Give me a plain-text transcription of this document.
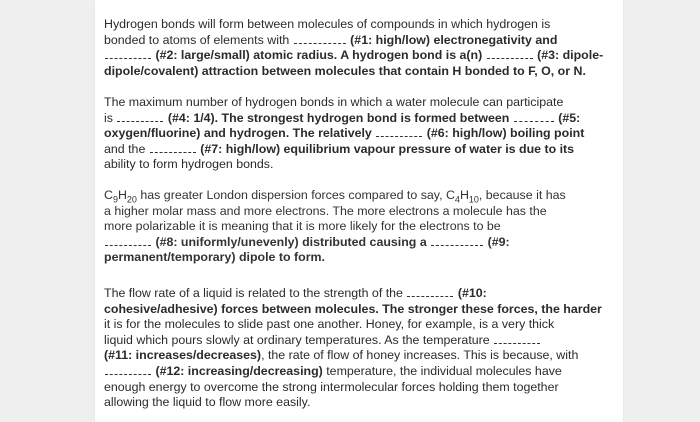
Hydrogen bonds will form between molecules of compounds in which hydrogen is
bonded to atoms of elements with	(#1: high/low) electronegativity and
(#2: large/small) atomic radius. A hydrogen bond is a(n)	(#3: dipole-
dipole/covalent) attraction between molecules that contain H bonded to F, O, or N.
The maximum number of hydrogen bonds in which a water molecule can participate
is	(#4: 1/4). The strongest hydrogen bond is formed between	(#5:
oxygen/fluorine) and hydrogen. The relatively	(#6: high/low) boiling point
and the	(#7: high/low) equilibrium vapour pressure of water is due to its
ability to form hydrogen bonds.
$C_9H_{20}$ has greater London dispersion forces compared to say, $C_4H_{10}$, because it has
a higher molar mass and more electrons. The more electrons a molecule has the
more polarizable it is meaning that it is more likely for the electrons to be
(#8: uniformly/unevenly) distributed causing a	(#9:
permanent/temporary) dipole to form.
The flow rate of a liquid is related to the strength of the	(#10:
cohesive/adhesive) forces between molecules. The stronger these forces, the harder
it is for the molecules to slide past one another. Honey, for example, is a very thick
liquid which pours slowly at ordinary temperatures. As the temperature
(#11: increases/decreases), the rate of flow of honey increases. This is because, with
(#12: increasing/decreasing) temperature, the individual molecules have
enough energy to overcome the strong intermolecular forces holding them together
allowing the liquid to flow more easily.
